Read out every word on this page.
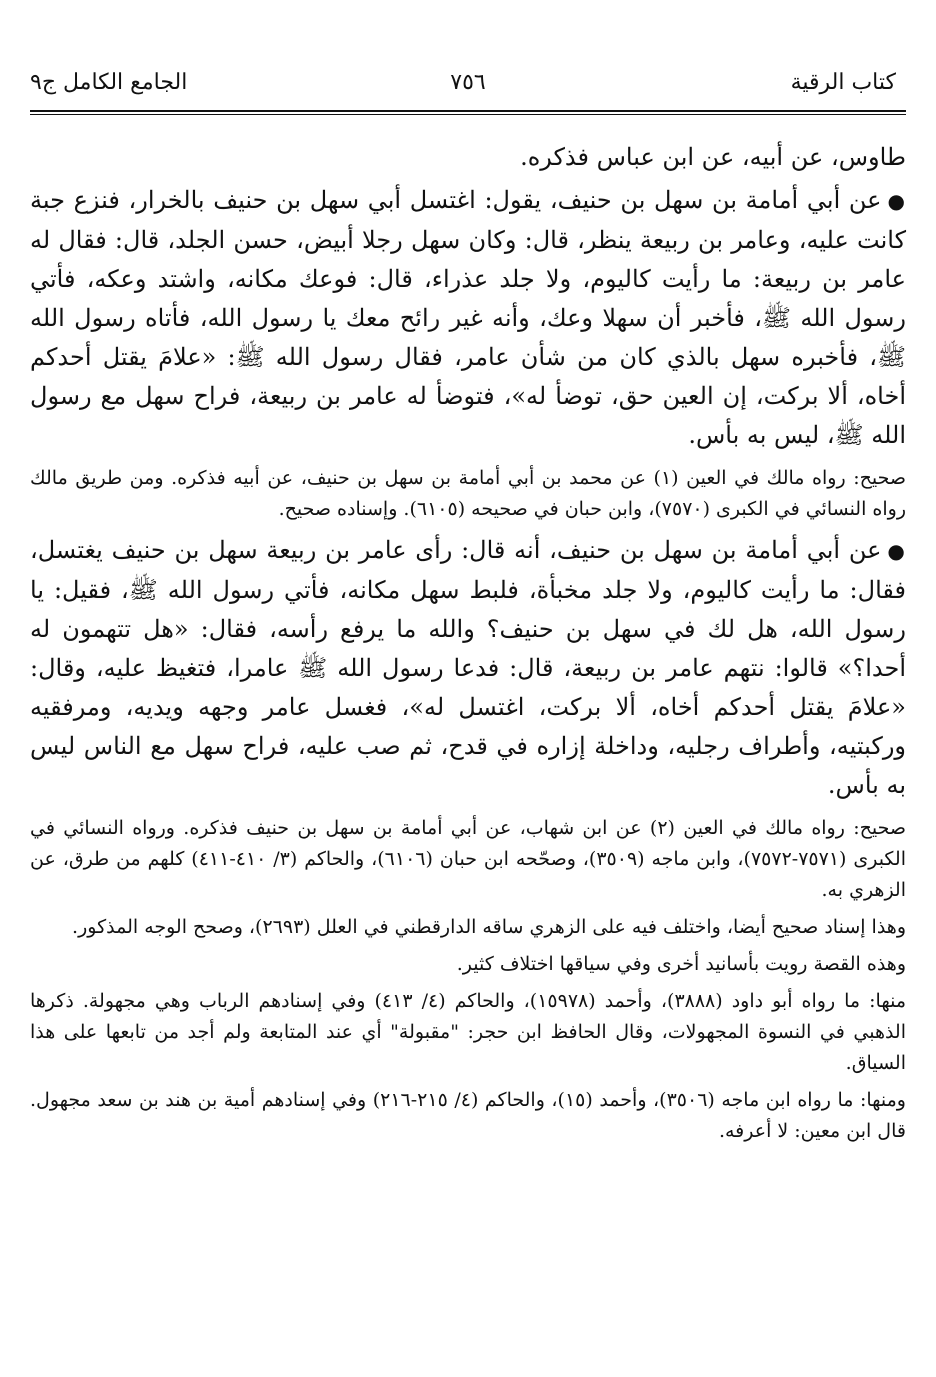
كتاب الرقية
٧٥٦
الجامع الكامل ج٩

طاوس، عن أبيه، عن ابن عباس فذكره.

●عن أبي أمامة بن سهل بن حنيف، يقول: اغتسل أبي سهل بن حنيف بالخرار، فنزع جبة كانت عليه، وعامر بن ربيعة ينظر، قال: وكان سهل رجلا أبيض، حسن الجلد، قال: فقال له عامر بن ربيعة: ما رأيت كاليوم، ولا جلد عذراء، قال: فوعك مكانه، واشتد وعكه، فأتي رسول الله ﷺ، فأخبر أن سهلا وعك، وأنه غير رائح معك يا رسول الله، فأتاه رسول الله ﷺ، فأخبره سهل بالذي كان من شأن عامر، فقال رسول الله ﷺ: «علامَ يقتل أحدكم أخاه، ألا بركت، إن العين حق، توضأ له»، فتوضأ له عامر بن ربيعة، فراح سهل مع رسول الله ﷺ، ليس به بأس.

صحيح: رواه مالك في العين (١) عن محمد بن أبي أمامة بن سهل بن حنيف، عن أبيه فذكره. ومن طريق مالك رواه النسائي في الكبرى (٧٥٧٠)، وابن حبان في صحيحه (٦١٠٥). وإسناده صحيح.

●عن أبي أمامة بن سهل بن حنيف، أنه قال: رأى عامر بن ربيعة سهل بن حنيف يغتسل، فقال: ما رأيت كاليوم، ولا جلد مخبأة، فلبط سهل مكانه، فأتي رسول الله ﷺ، فقيل: يا رسول الله، هل لك في سهل بن حنيف؟ والله ما يرفع رأسه، فقال: «هل تتهمون له أحدا؟» قالوا: نتهم عامر بن ربيعة، قال: فدعا رسول الله ﷺ عامرا، فتغيظ عليه، وقال: «علامَ يقتل أحدكم أخاه، ألا بركت، اغتسل له»، فغسل عامر وجهه ويديه، ومرفقيه وركبتيه، وأطراف رجليه، وداخلة إزاره في قدح، ثم صب عليه، فراح سهل مع الناس ليس به بأس.

صحيح: رواه مالك في العين (٢) عن ابن شهاب، عن أبي أمامة بن سهل بن حنيف فذكره. ورواه النسائي في الكبرى (٧٥٧١-٧٥٧٢)، وابن ماجه (٣٥٠٩)، وصحّحه ابن حبان (٦١٠٦)، والحاكم (٣/ ٤١٠-٤١١) كلهم من طرق، عن الزهري به.

وهذا إسناد صحيح أيضا، واختلف فيه على الزهري ساقه الدارقطني في العلل (٢٦٩٣)، وصحح الوجه المذكور.

وهذه القصة رويت بأسانيد أخرى وفي سياقها اختلاف كثير.

منها: ما رواه أبو داود (٣٨٨٨)، وأحمد (١٥٩٧٨)، والحاكم (٤/ ٤١٣) وفي إسنادهم الرباب وهي مجهولة. ذكرها الذهبي في النسوة المجهولات، وقال الحافظ ابن حجر: "مقبولة" أي عند المتابعة ولم أجد من تابعها على هذا السياق.

ومنها: ما رواه ابن ماجه (٣٥٠٦)، وأحمد (١٥)، والحاكم (٤/ ٢١٥-٢١٦) وفي إسنادهم أمية بن هند بن سعد مجهول. قال ابن معين: لا أعرفه.
